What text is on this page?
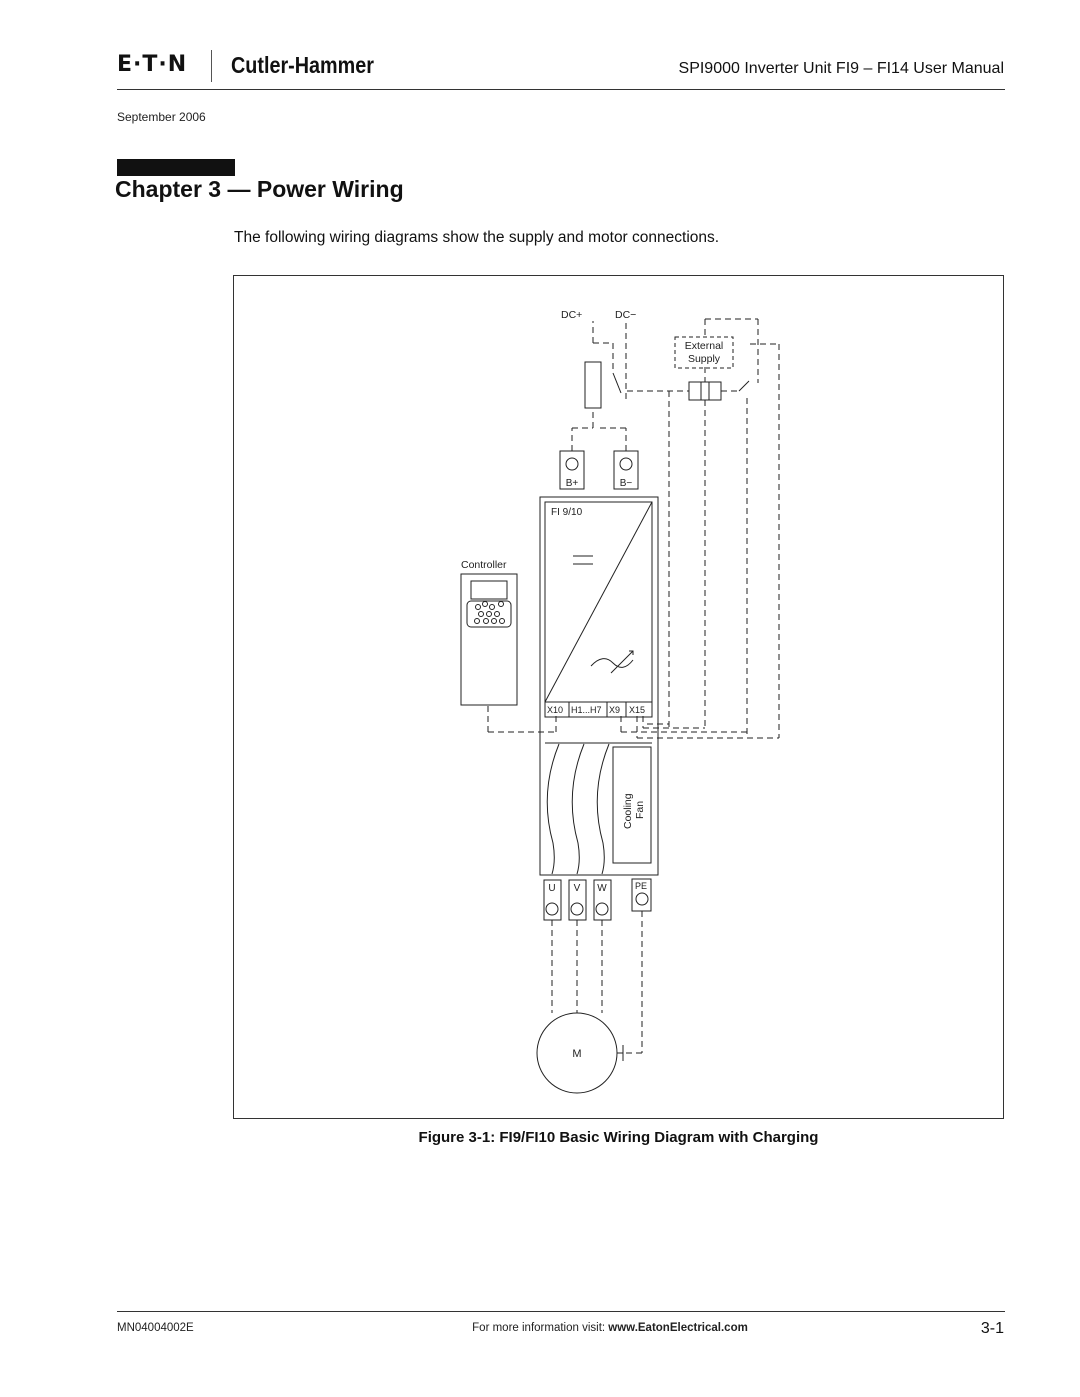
E·T·N Cutler-Hammer	SPI9000 Inverter Unit FI9 – FI14 User Manual
September 2006
Chapter 3 — Power Wiring
The following wiring diagrams show the supply and motor connections.
DC+	DC−
External
Supply
B+	B−
FI 9/10
Controller
X10 H1...H7 X9 X15
Cooling Fan
U V W	PE
M
Figure 3-1: FI9/FI10 Basic Wiring Diagram with Charging
MN04004002E	For more information visit: www.EatonElectrical.com	3-1
